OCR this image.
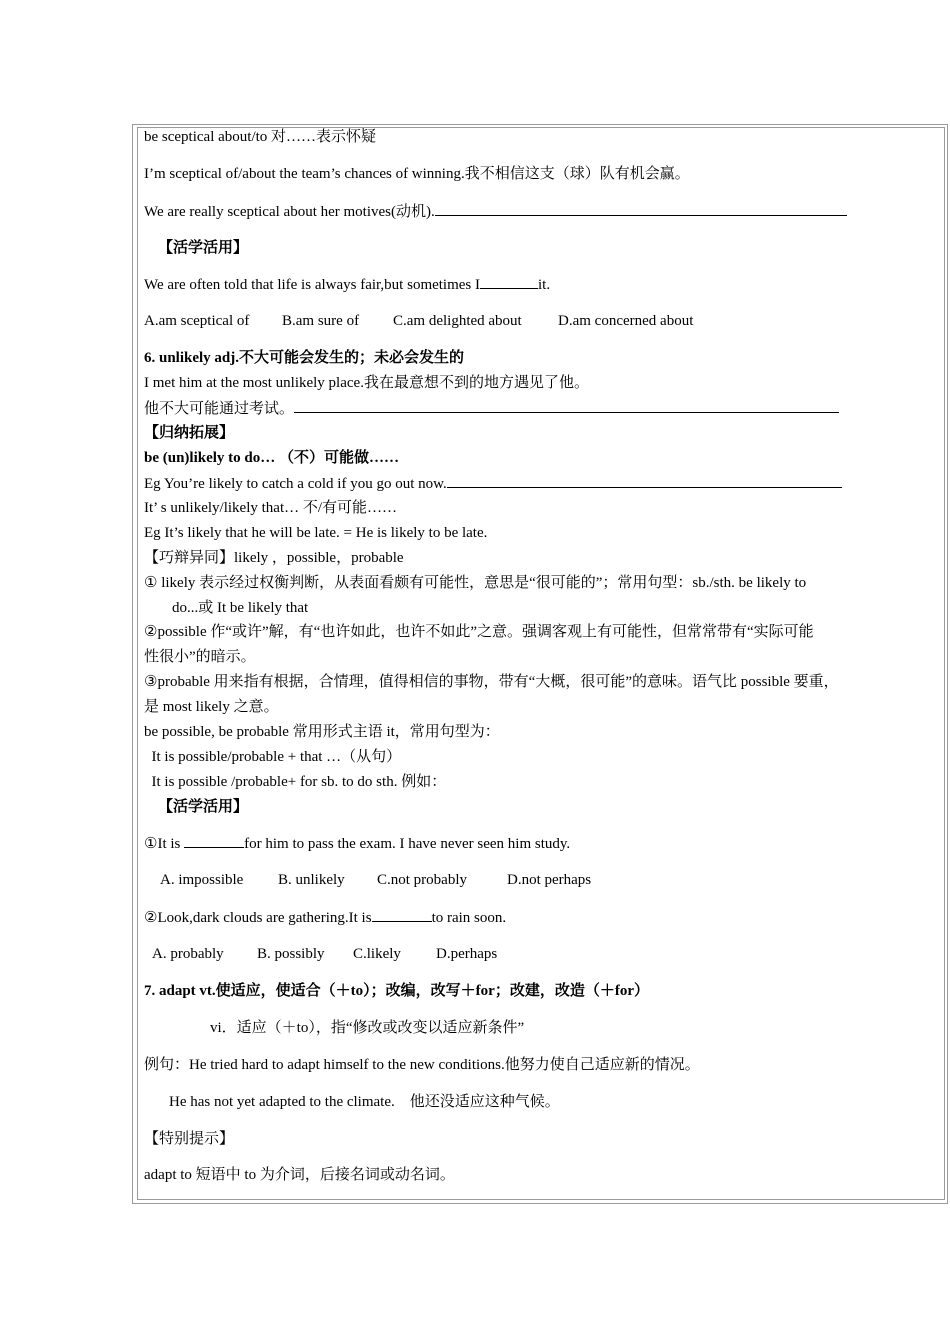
be sceptical about/to 对……表示怀疑
I’m sceptical of/about the team’s chances of winning.我不相信这支（球）队有机会赢。
We are really sceptical about her motives(动机).
【活学活用】
We are often told that life is always fair,but sometimes I	it.
A.am sceptical of B.am sure of C.am delighted about D.am concerned about
6. unlikely adj.不大可能会发生的；未必会发生的
I met him at the most unlikely place.我在最意想不到的地方遇见了他。
他不大可能通过考试。
【归纳拓展】
be (un)likely to do… （不）可能做……
Eg You’re likely to catch a cold if you go out now.
It’ s unlikely/likely that… 不/有可能……
Eg It’s likely that he will be late. = He is likely to be late.
【巧辩异同】likely ，possible，probable
① likely 表示经过权衡判断，从表面看颇有可能性，意思是“很可能的”；常用句型：sb./sth. be likely to
do...或 It be likely that
②possible 作“或许”解，有“也许如此，也许不如此”之意。强调客观上有可能性，但常常带有“实际可能
性很小”的暗示。
③probable 用来指有根据，合情理，值得相信的事物，带有“大概，很可能”的意味。语气比 possible 要重，
是 most likely 之意。
be possible, be probable 常用形式主语 it，常用句型为：
It is possible/probable + that …（从句）
It is possible /probable+ for sb. to do sth. 例如：
【活学活用】
①It is	for him to pass the exam. I have never seen him study.
A. impossible B. unlikely C.not probably	D.not perhaps
②Look,dark clouds are gathering.It is	to rain soon.
A. probably B. possibly C.likely D.perhaps
7. adapt vt.使适应，使适合（＋to）；改编，改写＋for；改建，改造（＋for）
vi．适应（＋to），指“修改或改变以适应新条件”
例句：He tried hard to adapt himself to the new conditions.他努力使自己适应新的情况。
He has not yet adapted to the climate.    他还没适应这种气候。
【特别提示】
adapt to 短语中 to 为介词，后接名词或动名词。
